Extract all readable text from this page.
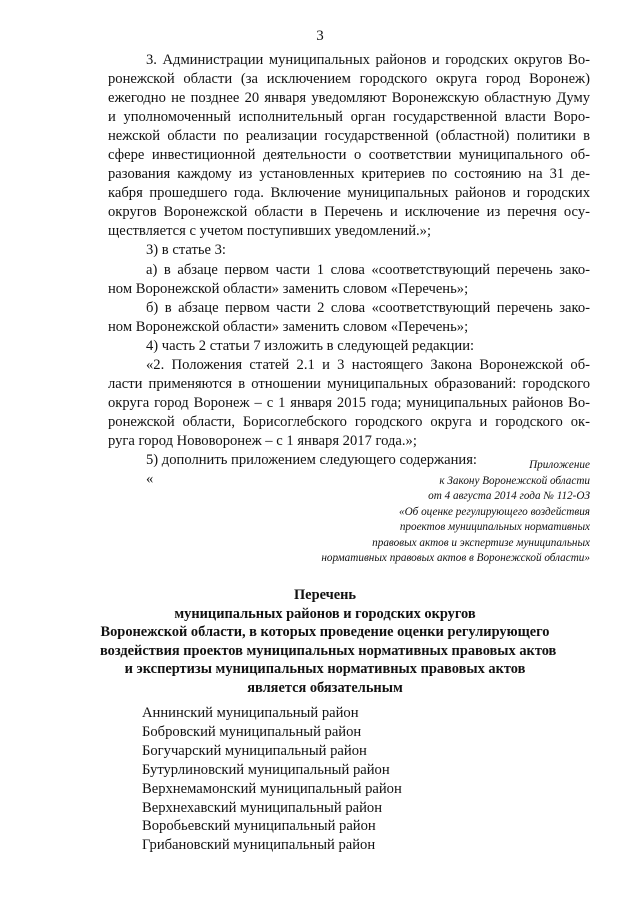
3
3. Администрации муниципальных районов и городских округов Во-
ронежской области (за исключением городского округа город Воронеж)
ежегодно не позднее 20 января уведомляют Воронежскую областную Думу
и уполномоченный исполнительный орган государственной власти Воро-
нежской области по реализации государственной (областной) политики в
сфере инвестиционной деятельности о соответствии муниципального об-
разования каждому из установленных критериев по состоянию на 31 де-
кабря прошедшего года. Включение муниципальных районов и городских
округов Воронежской области в Перечень и исключение из перечня осу-
ществляется с учетом поступивших уведомлений.»;
3) в статье 3:
а) в абзаце первом части 1 слова «соответствующий перечень зако-
ном Воронежской области» заменить словом «Перечень»;
б) в абзаце первом части 2 слова «соответствующий перечень зако-
ном Воронежской области» заменить словом «Перечень»;
4) часть 2 статьи 7 изложить в следующей редакции:
«2. Положения статей 2.1 и 3 настоящего Закона Воронежской об-
ласти применяются в отношении муниципальных образований: городского
округа город Воронеж – с 1 января 2015 года; муниципальных районов Во-
ронежской области, Борисоглебского городского округа и городского ок-
руга город Нововоронеж – с 1 января 2017 года.»;
5) дополнить приложением следующего содержания:
«
Приложение
к Закону Воронежской области
от 4 августа 2014 года № 112-ОЗ
«Об оценке регулирующего воздействия
проектов муниципальных нормативных
правовых актов и экспертизе муниципальных
нормативных правовых актов в Воронежской области»
Перечень
муниципальных районов и городских округов
Воронежской области, в которых проведение оценки регулирующего
воздействия проектов муниципальных нормативных правовых актов
и экспертизы муниципальных нормативных правовых актов
является обязательным
Аннинский муниципальный район
Бобровский муниципальный район
Богучарский муниципальный район
Бутурлиновский муниципальный район
Верхнемамонский муниципальный район
Верхнехавский муниципальный район
Воробьевский муниципальный район
Грибановский муниципальный район
